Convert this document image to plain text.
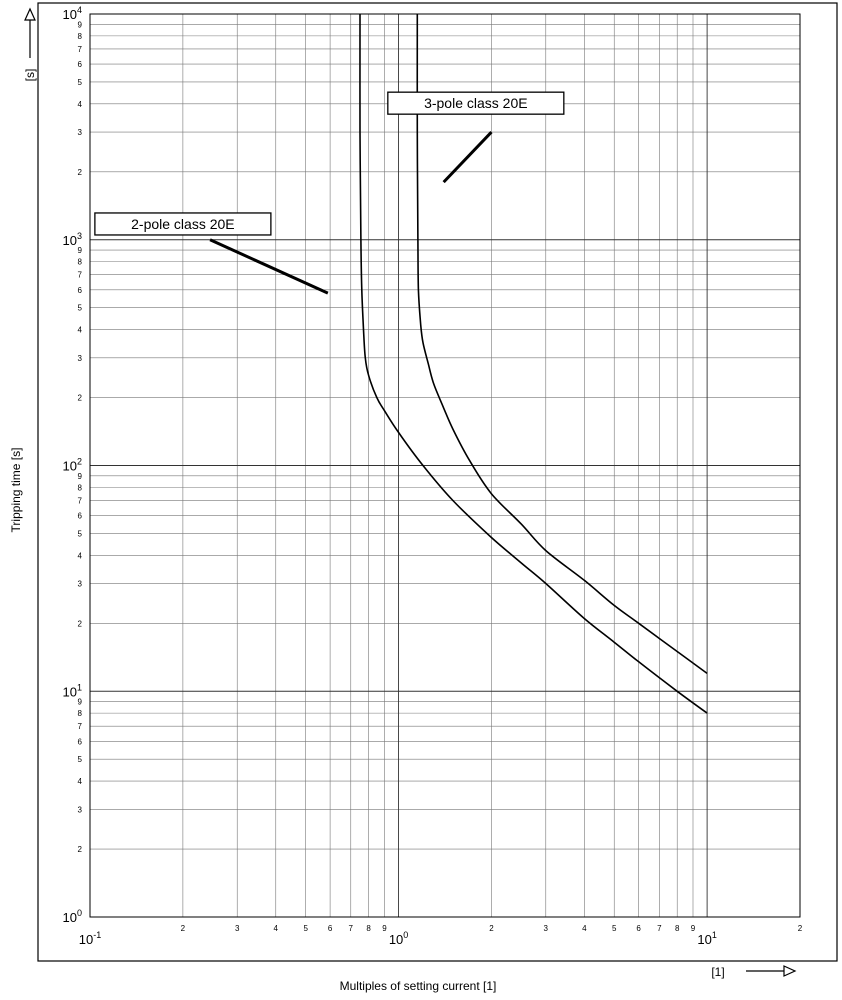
2-pole class 20E
3-pole class 20E
2	3	4	5 6 7 8 9	2	3	4	5 6 7 8 9	2
$10^{-1}$	$10^0$	$10^1$
2
3
4
5
6
7
8
9
2
3
4
5
6
7
8
9
2
3
4
5
6
7
8
9
2
3
4
5
6
7
8
9
$10^0$
$10^1$
$10^2$
$10^3$
$10^4$
Tripping time [s]
[s]
Multiples of setting current [1]
[1]
